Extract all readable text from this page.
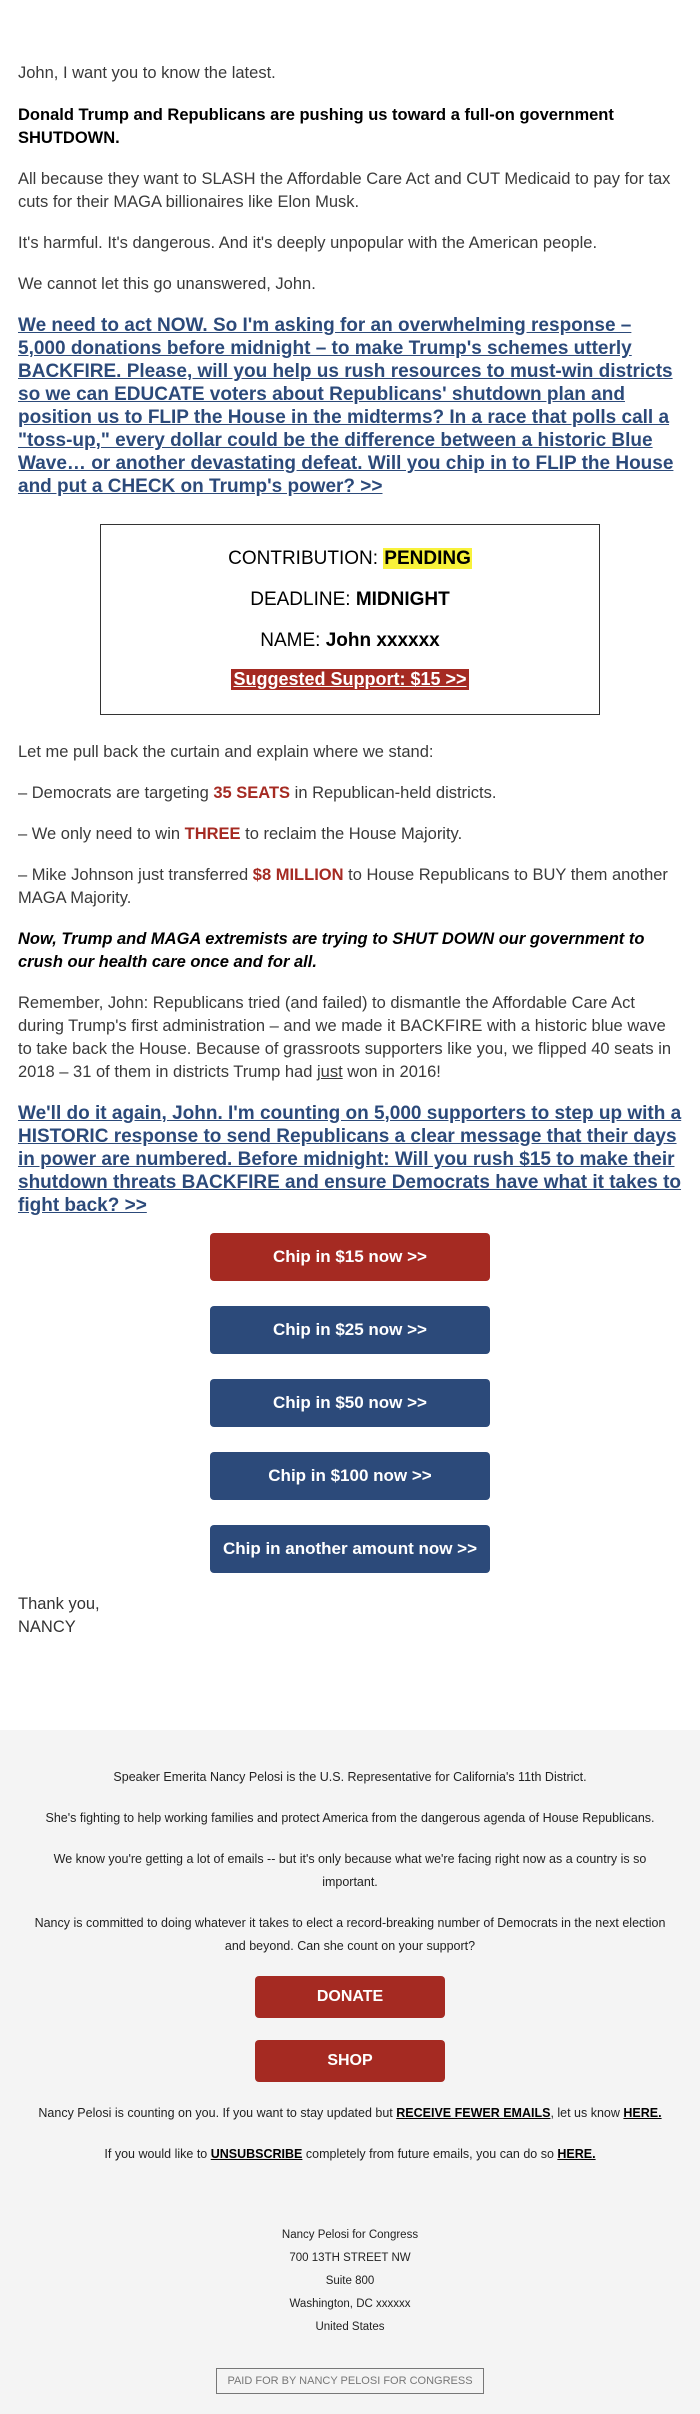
John, I want you to know the latest.

Donald Trump and Republicans are pushing us toward a full-on government SHUTDOWN.

All because they want to SLASH the Affordable Care Act and CUT Medicaid to pay for tax cuts for their MAGA billionaires like Elon Musk.

It's harmful. It's dangerous. And it's deeply unpopular with the American people.

We cannot let this go unanswered, John.

We need to act NOW. So I'm asking for an overwhelming response – 5,000 donations before midnight – to make Trump's schemes utterly BACKFIRE. Please, will you help us rush resources to must-win districts so we can EDUCATE voters about Republicans' shutdown plan and position us to FLIP the House in the midterms? In a race that polls call a "toss-up," every dollar could be the difference between a historic Blue Wave… or another devastating defeat. Will you chip in to FLIP the House and put a CHECK on Trump's power? >>
CONTRIBUTION: PENDING
DEADLINE: MIDNIGHT
NAME: John xxxxxx
Suggested Support: $15 >>

Let me pull back the curtain and explain where we stand:

– Democrats are targeting 35 SEATS in Republican-held districts.

– We only need to win THREE to reclaim the House Majority.

– Mike Johnson just transferred $8 MILLION to House Republicans to BUY them another MAGA Majority.

Now, Trump and MAGA extremists are trying to SHUT DOWN our government to crush our health care once and for all.

Remember, John: Republicans tried (and failed) to dismantle the Affordable Care Act during Trump's first administration – and we made it BACKFIRE with a historic blue wave to take back the House. Because of grassroots supporters like you, we flipped 40 seats in 2018 – 31 of them in districts Trump had just won in 2016!

We'll do it again, John. I'm counting on 5,000 supporters to step up with a HISTORIC response to send Republicans a clear message that their days in power are numbered. Before midnight: Will you rush $15 to make their shutdown threats BACKFIRE and ensure Democrats have what it takes to fight back? >>
Chip in $15 now >>
Chip in $25 now >>
Chip in $50 now >>
Chip in $100 now >>
Chip in another amount now >>

Thank you,

NANCY

Speaker Emerita Nancy Pelosi is the U.S. Representative for California's 11th District.

She's fighting to help working families and protect America from the dangerous agenda of House Republicans.

We know you're getting a lot of emails -- but it's only because what we're facing right now as a country is so important.

Nancy is committed to doing whatever it takes to elect a record-breaking number of Democrats in the next election and beyond. Can she count on your support?

DONATE
SHOP

Nancy Pelosi is counting on you. If you want to stay updated but RECEIVE FEWER EMAILS, let us know HERE.

If you would like to UNSUBSCRIBE completely from future emails, you can do so HERE.

Nancy Pelosi for Congress
700 13TH STREET NW
Suite 800
Washington, DC xxxxxx
United States
PAID FOR BY NANCY PELOSI FOR CONGRESS
